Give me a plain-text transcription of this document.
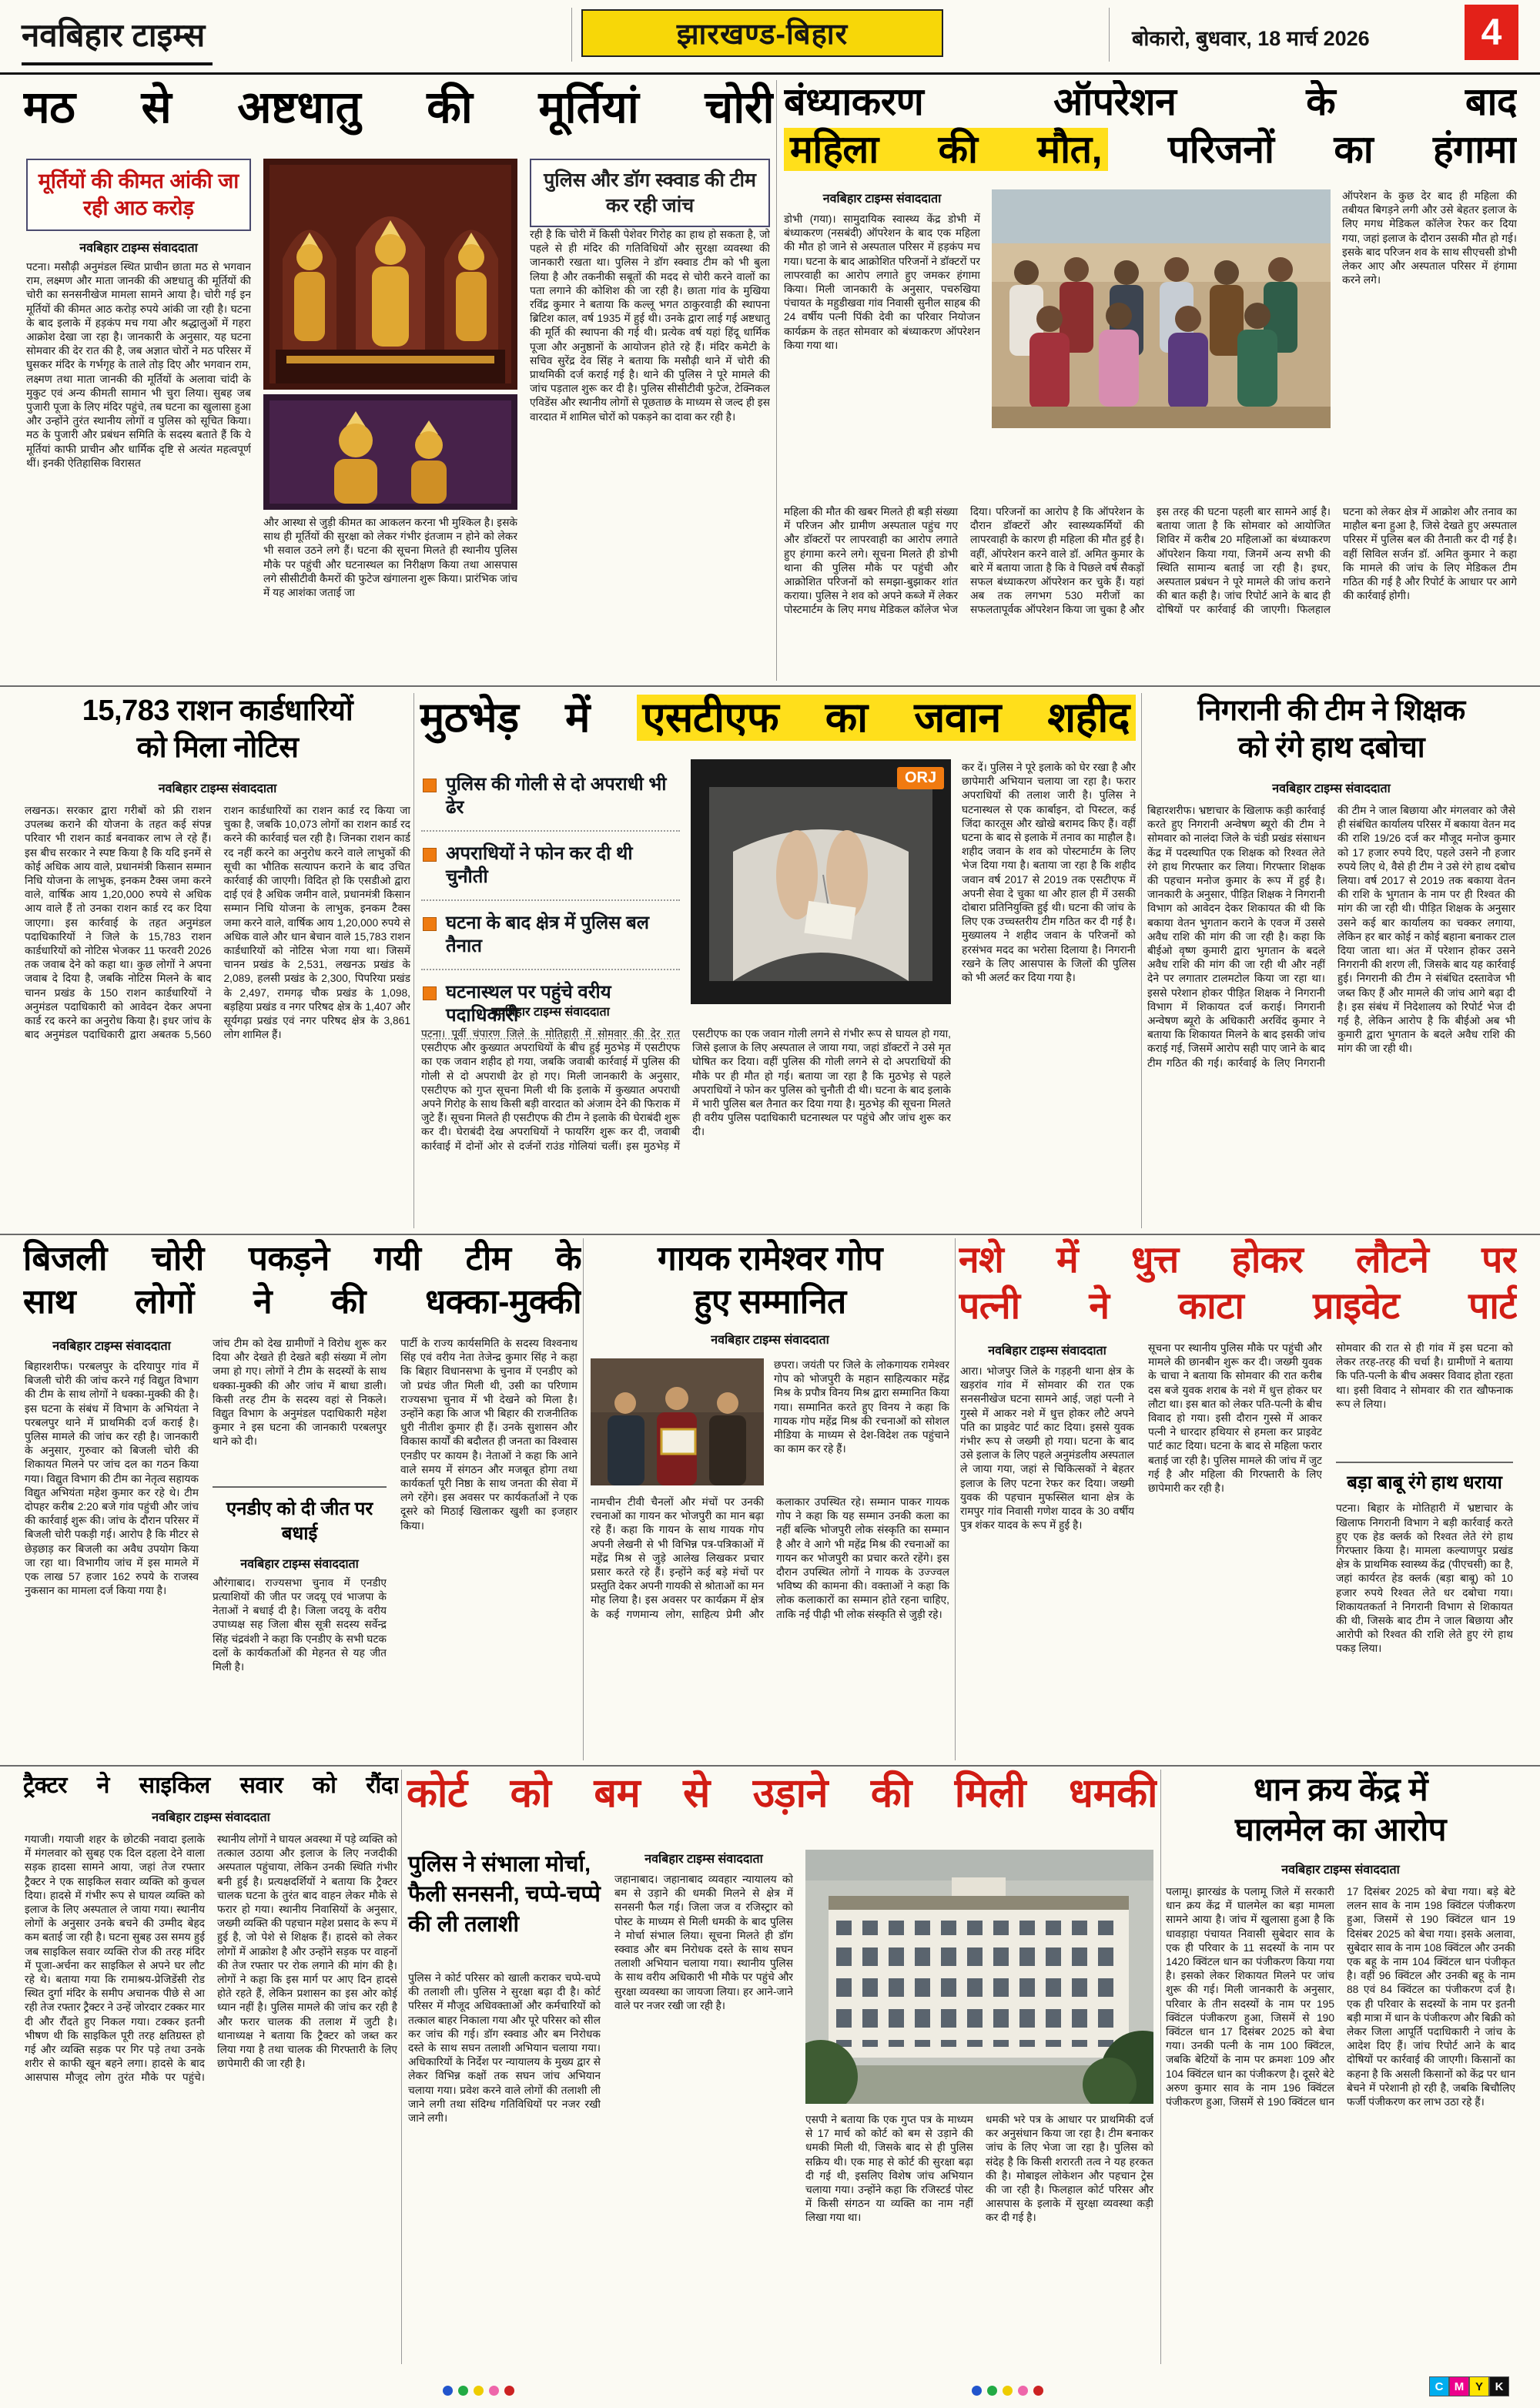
नवबिहार टाइम्स	झारखण्ड-बिहार	बोकारो, बुधवार, 18 मार्च 2026	4
मठ से अष्टधातु की मूर्तियां चोरी
मूर्तियों की कीमत आंकी जा रही आठ करोड़
नवबिहार टाइम्स संवाददाता
पटना। मसौढ़ी अनुमंडल स्थित प्राचीन छाता मठ से भगवान राम, लक्ष्मण और माता जानकी की अष्टधातु की मूर्तियों की चोरी का सनसनीखेज मामला सामने आया है। चोरी गई इन मूर्तियों की कीमत आठ करोड़ रुपये आंकी जा रही है। घटना के बाद इलाके में हड़कंप मच गया और श्रद्धालुओं में गहरा आक्रोश देखा जा रहा है। जानकारी के अनुसार, यह घटना सोमवार की देर रात की है, जब अज्ञात चोरों ने मठ परिसर में घुसकर मंदिर के गर्भगृह के ताले तोड़ दिए और भगवान राम, लक्ष्मण तथा माता जानकी की मूर्तियों के अलावा चांदी के मुकुट एवं अन्य कीमती सामान भी चुरा लिया। सुबह जब पुजारी पूजा के लिए मंदिर पहुंचे, तब घटना का खुलासा हुआ और उन्होंने तुरंत स्थानीय लोगों व पुलिस को सूचित किया। मठ के पुजारी और प्रबंधन समिति के सदस्य बताते हैं कि ये मूर्तियां काफी प्राचीन और धार्मिक दृष्टि से अत्यंत महत्वपूर्ण थीं। इनकी ऐतिहासिक विरासत
और आस्था से जुड़ी कीमत का आकलन करना भी मुश्किल है। इसके साथ ही मूर्तियों की सुरक्षा को लेकर गंभीर इंतजाम न होने को लेकर भी सवाल उठने लगे हैं। घटना की सूचना मिलते ही स्थानीय पुलिस मौके पर पहुंची और घटनास्थल का निरीक्षण किया तथा आसपास लगे सीसीटीवी कैमरों की फुटेज खंगालना शुरू किया। प्रारंभिक जांच में यह आशंका जताई जा
पुलिस और डॉग स्क्वाड की टीम कर रही जांच
रही है कि चोरी में किसी पेशेवर गिरोह का हाथ हो सकता है, जो पहले से ही मंदिर की गतिविधियों और सुरक्षा व्यवस्था की जानकारी रखता था। पुलिस ने डॉग स्क्वाड टीम को भी बुला लिया है और तकनीकी सबूतों की मदद से चोरी करने वालों का पता लगाने की कोशिश की जा रही है। छाता गांव के मुखिया रविंद्र कुमार ने बताया कि कल्लू भगत ठाकुरवाड़ी की स्थापना ब्रिटिश काल, वर्ष 1935 में हुई थी। उनके द्वारा लाई गई अष्टधातु की मूर्ति की स्थापना की गई थी। प्रत्येक वर्ष यहां हिंदू धार्मिक पूजा और अनुष्ठानों के आयोजन होते रहे हैं। मंदिर कमेटी के सचिव सुरेंद्र देव सिंह ने बताया कि मसौढ़ी थाने में चोरी की प्राथमिकी दर्ज कराई गई है। थाने की पुलिस ने पूरे मामले की जांच पड़ताल शुरू कर दी है। पुलिस सीसीटीवी फुटेज, टेक्निकल एविडेंस और स्थानीय लोगों से पूछताछ के माध्यम से जल्द ही इस वारदात में शामिल चोरों को पकड़ने का दावा कर रही है।
बंध्याकरण ऑपरेशन के बाद
महिला की मौत, परिजनों का हंगामा
नवबिहार टाइम्स संवाददाता
डोभी (गया)। सामुदायिक स्वास्थ्य केंद्र डोभी में बंध्याकरण (नसबंदी) ऑपरेशन के बाद एक महिला की मौत हो जाने से अस्पताल परिसर में हड़कंप मच गया। घटना के बाद आक्रोशित परिजनों ने डॉक्टरों पर लापरवाही का आरोप लगाते हुए जमकर हंगामा किया। मिली जानकारी के अनुसार, पचरुखिया पंचायत के महुडीखवा गांव निवासी सुनील साहब की 24 वर्षीय पत्नी पिंकी देवी का परिवार नियोजन कार्यक्रम के तहत सोमवार को बंध्याकरण ऑपरेशन किया गया था।
ऑपरेशन के कुछ देर बाद ही महिला की तबीयत बिगड़ने लगी और उसे बेहतर इलाज के लिए मगध मेडिकल कॉलेज रेफर कर दिया गया, जहां इलाज के दौरान उसकी मौत हो गई। इसके बाद परिजन शव के साथ सीएचसी डोभी लेकर आए और अस्पताल परिसर में हंगामा करने लगे।
महिला की मौत की खबर मिलते ही बड़ी संख्या में परिजन और ग्रामीण अस्पताल पहुंच गए और डॉक्टरों पर लापरवाही का आरोप लगाते हुए हंगामा करने लगे। सूचना मिलते ही डोभी थाना की पुलिस मौके पर पहुंची और आक्रोशित परिजनों को समझा-बुझाकर शांत कराया। पुलिस ने शव को अपने कब्जे में लेकर पोस्टमार्टम के लिए मगध मेडिकल कॉलेज भेज दिया। परिजनों का आरोप है कि ऑपरेशन के दौरान डॉक्टरों और स्वास्थ्यकर्मियों की लापरवाही के कारण ही महिला की मौत हुई है। वहीं, ऑपरेशन करने वाले डॉ. अमित कुमार के बारे में बताया जाता है कि वे पिछले वर्ष सैकड़ों सफल बंध्याकरण ऑपरेशन कर चुके हैं। यहां अब तक लगभग 530 मरीजों का सफलतापूर्वक ऑपरेशन किया जा चुका है और इस तरह की घटना पहली बार सामने आई है। बताया जाता है कि सोमवार को आयोजित शिविर में करीब 20 महिलाओं का बंध्याकरण ऑपरेशन किया गया, जिनमें अन्य सभी की स्थिति सामान्य बताई जा रही है। इधर, अस्पताल प्रबंधन ने पूरे मामले की जांच कराने की बात कही है। जांच रिपोर्ट आने के बाद ही दोषियों पर कार्रवाई की जाएगी। फिलहाल घटना को लेकर क्षेत्र में आक्रोश और तनाव का माहौल बना हुआ है, जिसे देखते हुए अस्पताल परिसर में पुलिस बल की तैनाती कर दी गई है। वहीं सिविल सर्जन डॉ. अमित कुमार ने कहा कि मामले की जांच के लिए मेडिकल टीम गठित की गई है और रिपोर्ट के आधार पर आगे की कार्रवाई होगी।
15,783 राशन कार्डधारियों
को मिला नोटिस
नवबिहार टाइम्स संवाददाता
लखनऊ। सरकार द्वारा गरीबों को फ्री राशन उपलब्ध कराने की योजना के तहत कई संपन्न परिवार भी राशन कार्ड बनवाकर लाभ ले रहे हैं। इस बीच सरकार ने स्पष्ट किया है कि यदि इनमें से कोई अधिक आय वाले, प्रधानमंत्री किसान सम्मान निधि योजना के लाभुक, इनकम टैक्स जमा करने वाले, वार्षिक आय 1,20,000 रुपये से अधिक आय वाले हैं तो उनका राशन कार्ड रद कर दिया जाएगा। इस कार्रवाई के तहत अनुमंडल पदाधिकारियों ने जिले के 15,783 राशन कार्डधारियों को नोटिस भेजकर 11 फरवरी 2026 तक जवाब देने को कहा था। कुछ लोगों ने अपना जवाब दे दिया है, जबकि नोटिस मिलने के बाद चानन प्रखंड के 150 राशन कार्डधारियों ने अनुमंडल पदाधिकारी को आवेदन देकर अपना कार्ड रद करने का अनुरोध किया है। इधर जांच के बाद अनुमंडल पदाधिकारी द्वारा अबतक 5,560 राशन कार्डधारियों का राशन कार्ड रद किया जा चुका है, जबकि 10,073 लोगों का राशन कार्ड रद करने की कार्रवाई चल रही है। जिनका राशन कार्ड रद नहीं करने का अनुरोध करने वाले लाभुकों की सूची का भौतिक सत्यापन कराने के बाद उचित कार्रवाई की जाएगी। विदित हो कि एसडीओ द्वारा दाई एवं है अधिक जमीन वाले, प्रधानमंत्री किसान सम्मान निधि योजना के लाभुक, इनकम टैक्स जमा करने वाले, वार्षिक आय 1,20,000 रुपये से अधिक वाले और धान बेचान वाले 15,783 राशन कार्डधारियों को नोटिस भेजा गया था। जिसमें चानन प्रखंड के 2,531, लखनऊ प्रखंड के 2,089, हलसी प्रखंड के 2,300, पिपरिया प्रखंड के 2,497, रामगढ़ चौक प्रखंड के 1,098, बड़हिया प्रखंड व नगर परिषद क्षेत्र के 1,407 और सूर्यगढ़ा प्रखंड एवं नगर परिषद क्षेत्र के 3,861 लोग शामिल हैं।
मुठभेड़ में एसटीएफ का जवान शहीद
पुलिस की गोली से दो अपराधी भी ढेर
अपराधियों ने फोन कर दी थी चुनौती
घटना के बाद क्षेत्र में पुलिस बल तैनात
घटनास्थल पर पहुंचे वरीय पदाधिकारी
ORJ
कर दें। पुलिस ने पूरे इलाके को घेर रखा है और छापेमारी अभियान चलाया जा रहा है। फरार अपराधियों की तलाश जारी है। पुलिस ने घटनास्थल से एक कार्बाइन, दो पिस्टल, कई जिंदा कारतूस और खोखे बरामद किए हैं। वहीं घटना के बाद से इलाके में तनाव का माहौल है। शहीद जवान के शव को पोस्टमार्टम के लिए भेज दिया गया है। बताया जा रहा है कि शहीद जवान वर्ष 2017 से 2019 तक एसटीएफ में अपनी सेवा दे चुका था और हाल ही में उसकी दोबारा प्रतिनियुक्ति हुई थी। घटना की जांच के लिए एक उच्चस्तरीय टीम गठित कर दी गई है। मुख्यालय ने शहीद जवान के परिजनों को हरसंभव मदद का भरोसा दिलाया है। निगरानी रखने के लिए आसपास के जिलों की पुलिस को भी अलर्ट कर दिया गया है।
नवबिहार टाइम्स संवाददाता
पटना। पूर्वी चंपारण जिले के मोतिहारी में सोमवार की देर रात एसटीएफ और कुख्यात अपराधियों के बीच हुई मुठभेड़ में एसटीएफ का एक जवान शहीद हो गया, जबकि जवाबी कार्रवाई में पुलिस की गोली से दो अपराधी ढेर हो गए। मिली जानकारी के अनुसार, एसटीएफ को गुप्त सूचना मिली थी कि इलाके में कुख्यात अपराधी अपने गिरोह के साथ किसी बड़ी वारदात को अंजाम देने की फिराक में जुटे हैं। सूचना मिलते ही एसटीएफ की टीम ने इलाके की घेराबंदी शुरू कर दी। घेराबंदी देख अपराधियों ने फायरिंग शुरू कर दी, जवाबी कार्रवाई में दोनों ओर से दर्जनों राउंड गोलियां चलीं। इस मुठभेड़ में एसटीएफ का एक जवान गोली लगने से गंभीर रूप से घायल हो गया, जिसे इलाज के लिए अस्पताल ले जाया गया, जहां डॉक्टरों ने उसे मृत घोषित कर दिया। वहीं पुलिस की गोली लगने से दो अपराधियों की मौके पर ही मौत हो गई। बताया जा रहा है कि मुठभेड़ से पहले अपराधियों ने फोन कर पुलिस को चुनौती दी थी। घटना के बाद इलाके में भारी पुलिस बल तैनात कर दिया गया है। मुठभेड़ की सूचना मिलते ही वरीय पुलिस पदाधिकारी घटनास्थल पर पहुंचे और जांच शुरू कर दी।
निगरानी की टीम ने शिक्षक
को रंगे हाथ दबोचा
नवबिहार टाइम्स संवाददाता
बिहारशरीफ। भ्रष्टाचार के खिलाफ कड़ी कार्रवाई करते हुए निगरानी अन्वेषण ब्यूरो की टीम ने सोमवार को नालंदा जिले के चंडी प्रखंड संसाधन केंद्र में पदस्थापित एक शिक्षक को रिश्वत लेते रंगे हाथ गिरफ्तार कर लिया। गिरफ्तार शिक्षक की पहचान मनोज कुमार के रूप में हुई है। जानकारी के अनुसार, पीड़ित शिक्षक ने निगरानी विभाग को आवेदन देकर शिकायत की थी कि बकाया वेतन भुगतान कराने के एवज में उससे अवैध राशि की मांग की जा रही है। कहा कि बीईओ वृष्ण कुमारी द्वारा भुगतान के बदले अवैध राशि की मांग की जा रही थी और नहीं देने पर लगातार टालमटोल किया जा रहा था। इससे परेशान होकर पीड़ित शिक्षक ने निगरानी विभाग में शिकायत दर्ज कराई। निगरानी अन्वेषण ब्यूरो के अधिकारी अरविंद कुमार ने बताया कि शिकायत मिलने के बाद इसकी जांच कराई गई, जिसमें आरोप सही पाए जाने के बाद टीम गठित की गई। कार्रवाई के लिए निगरानी की टीम ने जाल बिछाया और मंगलवार को जैसे ही संबंधित कार्यालय परिसर में बकाया वेतन मद की राशि 19/26 दर्ज कर मौजूद मनोज कुमार को 17 हजार रुपये दिए, पहले उसने नौ हजार रुपये लिए थे, वैसे ही टीम ने उसे रंगे हाथ दबोच लिया। वर्ष 2017 से 2019 तक बकाया वेतन की राशि के भुगतान के नाम पर ही रिश्वत की मांग की जा रही थी। पीड़ित शिक्षक के अनुसार उसने कई बार कार्यालय का चक्कर लगाया, लेकिन हर बार कोई न कोई बहाना बनाकर टाल दिया जाता था। अंत में परेशान होकर उसने निगरानी की शरण ली, जिसके बाद यह कार्रवाई हुई। निगरानी की टीम ने संबंधित दस्तावेज भी जब्त किए हैं और मामले की जांच आगे बढ़ा दी है। इस संबंध में निदेशालय को रिपोर्ट भेज दी गई है, लेकिन आरोप है कि बीईओ अब भी कुमारी द्वारा भुगतान के बदले अवैध राशि की मांग की जा रही थी।
बिजली चोरी पकड़ने गयी टीम के
साथ लोगों ने की धक्का-मुक्की
नवबिहार टाइम्स संवाददाता
बिहारशरीफ। परबलपुर के दरियापुर गांव में बिजली चोरी की जांच करने गई विद्युत विभाग की टीम के साथ लोगों ने धक्का-मुक्की की है। इस घटना के संबंध में विभाग के अभियंता ने परबलपुर थाने में प्राथमिकी दर्ज कराई है। पुलिस मामले की जांच कर रही है। जानकारी के अनुसार, गुरुवार को बिजली चोरी की शिकायत मिलने पर जांच दल का गठन किया गया। विद्युत विभाग की टीम का नेतृत्व सहायक विद्युत अभियंता महेश कुमार कर रहे थे। टीम दोपहर करीब 2:20 बजे गांव पहुंची और जांच की कार्रवाई शुरू की। जांच के दौरान परिसर में बिजली चोरी पकड़ी गई। आरोप है कि मीटर से छेड़छाड़ कर बिजली का अवैध उपयोग किया जा रहा था। विभागीय जांच में इस मामले में एक लाख 57 हजार 162 रुपये के राजस्व नुकसान का मामला दर्ज किया गया है।
जांच टीम को देख ग्रामीणों ने विरोध शुरू कर दिया और देखते ही देखते बड़ी संख्या में लोग जमा हो गए। लोगों ने टीम के सदस्यों के साथ धक्का-मुक्की की और जांच में बाधा डाली। किसी तरह टीम के सदस्य वहां से निकले। विद्युत विभाग के अनुमंडल पदाधिकारी महेश कुमार ने इस घटना की जानकारी परबलपुर थाने को दी।
एनडीए को दी जीत पर बधाई
नवबिहार टाइम्स संवाददाता
औरंगाबाद। राज्यसभा चुनाव में एनडीए प्रत्याशियों की जीत पर जदयू एवं भाजपा के नेताओं ने बधाई दी है। जिला जदयू के वरीय उपाध्यक्ष सह जिला बीस सूत्री सदस्य सर्वेन्द्र सिंह चंद्रवंशी ने कहा कि एनडीए के सभी घटक दलों के कार्यकर्ताओं की मेहनत से यह जीत मिली है।
पार्टी के राज्य कार्यसमिति के सदस्य विश्वनाथ सिंह एवं वरीय नेता तेजेन्द्र कुमार सिंह ने कहा कि बिहार विधानसभा के चुनाव में एनडीए को जो प्रचंड जीत मिली थी, उसी का परिणाम राज्यसभा चुनाव में भी देखने को मिला है। उन्होंने कहा कि आज भी बिहार की राजनीतिक धुरी नीतीश कुमार ही हैं। उनके सुशासन और विकास कार्यों की बदौलत ही जनता का विश्वास एनडीए पर कायम है। नेताओं ने कहा कि आने वाले समय में संगठन और मजबूत होगा तथा कार्यकर्ता पूरी निष्ठा के साथ जनता की सेवा में लगे रहेंगे। इस अवसर पर कार्यकर्ताओं ने एक दूसरे को मिठाई खिलाकर खुशी का इजहार किया।
गायक रामेश्वर गोप
हुए सम्मानित
नवबिहार टाइम्स संवाददाता
छपरा। जयंती पर जिले के लोकगायक रामेश्वर गोप को भोजपुरी के महान साहित्यकार महेंद्र मिश्र के प्रपौत्र विनय मिश्र द्वारा सम्मानित किया गया। सम्मानित करते हुए विनय ने कहा कि गायक गोप महेंद्र मिश्र की रचनाओं को सोशल मीडिया के माध्यम से देश-विदेश तक पहुंचाने का काम कर रहे हैं।
नामचीन टीवी चैनलों और मंचों पर उनकी रचनाओं का गायन कर भोजपुरी का मान बढ़ा रहे हैं। कहा कि गायन के साथ गायक गोप अपनी लेखनी से भी विभिन्न पत्र-पत्रिकाओं में महेंद्र मिश्र से जुड़े आलेख लिखकर प्रचार प्रसार करते रहे हैं। इन्होंने कई बड़े मंचों पर प्रस्तुति देकर अपनी गायकी से श्रोताओं का मन मोह लिया है। इस अवसर पर कार्यक्रम में क्षेत्र के कई गणमान्य लोग, साहित्य प्रेमी और कलाकार उपस्थित रहे। सम्मान पाकर गायक गोप ने कहा कि यह सम्मान उनकी कला का नहीं बल्कि भोजपुरी लोक संस्कृति का सम्मान है और वे आगे भी महेंद्र मिश्र की रचनाओं का गायन कर भोजपुरी का प्रचार करते रहेंगे। इस दौरान उपस्थित लोगों ने गायक के उज्ज्वल भविष्य की कामना की। वक्ताओं ने कहा कि लोक कलाकारों का सम्मान होते रहना चाहिए, ताकि नई पीढ़ी भी लोक संस्कृति से जुड़ी रहे।
नशे में धुत्त होकर लौटने पर
पत्नी ने काटा प्राइवेट पार्ट
नवबिहार टाइम्स संवाददाता
आरा। भोजपुर जिले के गड़हनी थाना क्षेत्र के खड़रांव गांव में सोमवार की रात एक सनसनीखेज घटना सामने आई, जहां पत्नी ने गुस्से में आकर नशे में धुत्त होकर लौटे अपने पति का प्राइवेट पार्ट काट दिया। इससे युवक गंभीर रूप से जख्मी हो गया। घटना के बाद उसे इलाज के लिए पहले अनुमंडलीय अस्पताल ले जाया गया, जहां से चिकित्सकों ने बेहतर इलाज के लिए पटना रेफर कर दिया। जख्मी युवक की पहचान मुफस्सिल थाना क्षेत्र के रामपुर गांव निवासी गणेश यादव के 30 वर्षीय पुत्र शंकर यादव के रूप में हुई है।
सूचना पर स्थानीय पुलिस मौके पर पहुंची और मामले की छानबीन शुरू कर दी। जख्मी युवक के चाचा ने बताया कि सोमवार की रात करीब दस बजे युवक शराब के नशे में धुत्त होकर घर लौटा था। इस बात को लेकर पति-पत्नी के बीच विवाद हो गया। इसी दौरान गुस्से में आकर पत्नी ने धारदार हथियार से हमला कर प्राइवेट पार्ट काट दिया। घटना के बाद से महिला फरार बताई जा रही है। पुलिस मामले की जांच में जुट गई है और महिला की गिरफ्तारी के लिए छापेमारी कर रही है।
सोमवार की रात से ही गांव में इस घटना को लेकर तरह-तरह की चर्चा है। ग्रामीणों ने बताया कि पति-पत्नी के बीच अक्सर विवाद होता रहता था। इसी विवाद ने सोमवार की रात खौफनाक रूप ले लिया।
बड़ा बाबू रंगे हाथ धराया
पटना। बिहार के मोतिहारी में भ्रष्टाचार के खिलाफ निगरानी विभाग ने बड़ी कार्रवाई करते हुए एक हेड क्लर्क को रिश्वत लेते रंगे हाथ गिरफ्तार किया है। मामला कल्याणपुर प्रखंड क्षेत्र के प्राथमिक स्वास्थ्य केंद्र (पीएचसी) का है, जहां कार्यरत हेड क्लर्क (बड़ा बाबू) को 10 हजार रुपये रिश्वत लेते धर दबोचा गया। शिकायतकर्ता ने निगरानी विभाग से शिकायत की थी, जिसके बाद टीम ने जाल बिछाया और आरोपी को रिश्वत की राशि लेते हुए रंगे हाथ पकड़ लिया।
ट्रैक्टर ने साइकिल सवार को रौंदा
नवबिहार टाइम्स संवाददाता
गयाजी। गयाजी शहर के छोटकी नवादा इलाके में मंगलवार को सुबह एक दिल दहला देने वाला सड़क हादसा सामने आया, जहां तेज रफ्तार ट्रैक्टर ने एक साइकिल सवार व्यक्ति को कुचल दिया। हादसे में गंभीर रूप से घायल व्यक्ति को इलाज के लिए अस्पताल ले जाया गया। स्थानीय लोगों के अनुसार उनके बचने की उम्मीद बेहद कम बताई जा रही है। घटना सुबह उस समय हुई जब साइकिल सवार व्यक्ति रोज की तरह मंदिर में पूजा-अर्चना कर साइकिल से अपने घर लौट रहे थे। बताया गया कि रामाश्रय-प्रेजिडेंसी रोड स्थित दुर्गा मंदिर के समीप अचानक पीछे से आ रही तेज रफ्तार ट्रैक्टर ने उन्हें जोरदार टक्कर मार दी और रौंदते हुए निकल गया। टक्कर इतनी भीषण थी कि साइकिल पूरी तरह क्षतिग्रस्त हो गई और व्यक्ति सड़क पर गिर पड़े तथा उनके शरीर से काफी खून बहने लगा। हादसे के बाद आसपास मौजूद लोग तुरंत मौके पर पहुंचे। स्थानीय लोगों ने घायल अवस्था में पड़े व्यक्ति को तत्काल उठाया और इलाज के लिए नजदीकी अस्पताल पहुंचाया, लेकिन उनकी स्थिति गंभीर बनी हुई है। प्रत्यक्षदर्शियों ने बताया कि ट्रैक्टर चालक घटना के तुरंत बाद वाहन लेकर मौके से फरार हो गया। स्थानीय निवासियों के अनुसार, जख्मी व्यक्ति की पहचान महेश प्रसाद के रूप में हुई है, जो पेशे से शिक्षक हैं। हादसे को लेकर लोगों में आक्रोश है और उन्होंने सड़क पर वाहनों की तेज रफ्तार पर रोक लगाने की मांग की है। लोगों ने कहा कि इस मार्ग पर आए दिन हादसे होते रहते हैं, लेकिन प्रशासन का इस ओर कोई ध्यान नहीं है। पुलिस मामले की जांच कर रही है और फरार चालक की तलाश में जुटी है। थानाध्यक्ष ने बताया कि ट्रैक्टर को जब्त कर लिया गया है तथा चालक की गिरफ्तारी के लिए छापेमारी की जा रही है।
कोर्ट को बम से उड़ाने की मिली धमकी
पुलिस ने संभाला मोर्चा, फैली सनसनी, चप्पे-चप्पे की ली तलाशी
पुलिस ने कोर्ट परिसर को खाली कराकर चप्पे-चप्पे की तलाशी ली। पुलिस ने सुरक्षा बढ़ा दी है। कोर्ट परिसर में मौजूद अधिवक्ताओं और कर्मचारियों को तत्काल बाहर निकाला गया और पूरे परिसर को सील कर जांच की गई। डॉग स्क्वाड और बम निरोधक दस्ते के साथ सघन तलाशी अभियान चलाया गया। अधिकारियों के निर्देश पर न्यायालय के मुख्य द्वार से लेकर विभिन्न कक्षों तक सघन जांच अभियान चलाया गया। प्रवेश करने वाले लोगों की तलाशी ली जाने लगी तथा संदिग्ध गतिविधियों पर नजर रखी जाने लगी।
नवबिहार टाइम्स संवाददाता
जहानाबाद। जहानाबाद व्यवहार न्यायालय को बम से उड़ाने की धमकी मिलने से क्षेत्र में सनसनी फैल गई। जिला जज व रजिस्ट्रार को पोस्ट के माध्यम से मिली धमकी के बाद पुलिस ने मोर्चा संभाल लिया। सूचना मिलते ही डॉग स्क्वाड और बम निरोधक दस्ते के साथ सघन तलाशी अभियान चलाया गया। स्थानीय पुलिस के साथ वरीय अधिकारी भी मौके पर पहुंचे और सुरक्षा व्यवस्था का जायजा लिया। हर आने-जाने वाले पर नजर रखी जा रही है।
एसपी ने बताया कि एक गुप्त पत्र के माध्यम से 17 मार्च को कोर्ट को बम से उड़ाने की धमकी मिली थी, जिसके बाद से ही पुलिस सक्रिय थी। एक माह से कोर्ट की सुरक्षा बढ़ा दी गई थी, इसलिए विशेष जांच अभियान चलाया गया। उन्होंने कहा कि रजिस्टर्ड पोस्ट में किसी संगठन या व्यक्ति का नाम नहीं लिखा गया था।
धमकी भरे पत्र के आधार पर प्राथमिकी दर्ज कर अनुसंधान किया जा रहा है। टीम बनाकर जांच के लिए भेजा जा रहा है। पुलिस को संदेह है कि किसी शरारती तत्व ने यह हरकत की है। मोबाइल लोकेशन और पहचान ट्रेस की जा रही है। फिलहाल कोर्ट परिसर और आसपास के इलाके में सुरक्षा व्यवस्था कड़ी कर दी गई है।
धान क्रय केंद्र में
घालमेल का आरोप
नवबिहार टाइम्स संवाददाता
पलामू। झारखंड के पलामू जिले में सरकारी धान क्रय केंद्र में घालमेल का बड़ा मामला सामने आया है। जांच में खुलासा हुआ है कि धावड़ाहा पंचायत निवासी सुबेदार साव के एक ही परिवार के 11 सदस्यों के नाम पर 1420 क्विंटल धान का पंजीकरण किया गया है। इसको लेकर शिकायत मिलने पर जांच शुरू की गई। मिली जानकारी के अनुसार, परिवार के तीन सदस्यों के नाम पर 195 क्विंटल पंजीकरण हुआ, जिसमें से 190 क्विंटल धान 17 दिसंबर 2025 को बेचा गया। उनकी पत्नी के नाम 100 क्विंटल, जबकि बेटियों के नाम पर क्रमशः 109 और 104 क्विंटल धान का पंजीकरण है। दूसरे बेटे अरुण कुमार साव के नाम 196 क्विंटल पंजीकरण हुआ, जिसमें से 190 क्विंटल धान 17 दिसंबर 2025 को बेचा गया। बड़े बेटे ललन साव के नाम 198 क्विंटल पंजीकरण हुआ, जिसमें से 190 क्विंटल धान 19 दिसंबर 2025 को बेचा गया। इसके अलावा, सुबेदार साव के नाम 108 क्विंटल और उनकी एक बहू के नाम 104 क्विंटल धान पंजीकृत है। वहीं 96 क्विंटल और उनकी बहू के नाम 88 एवं 84 क्विंटल का पंजीकरण दर्ज है। एक ही परिवार के सदस्यों के नाम पर इतनी बड़ी मात्रा में धान के पंजीकरण और बिक्री को लेकर जिला आपूर्ति पदाधिकारी ने जांच के आदेश दिए हैं। जांच रिपोर्ट आने के बाद दोषियों पर कार्रवाई की जाएगी। किसानों का कहना है कि असली किसानों को केंद्र पर धान बेचने में परेशानी हो रही है, जबकि बिचौलिए फर्जी पंजीकरण कर लाभ उठा रहे हैं।
C M Y	K
